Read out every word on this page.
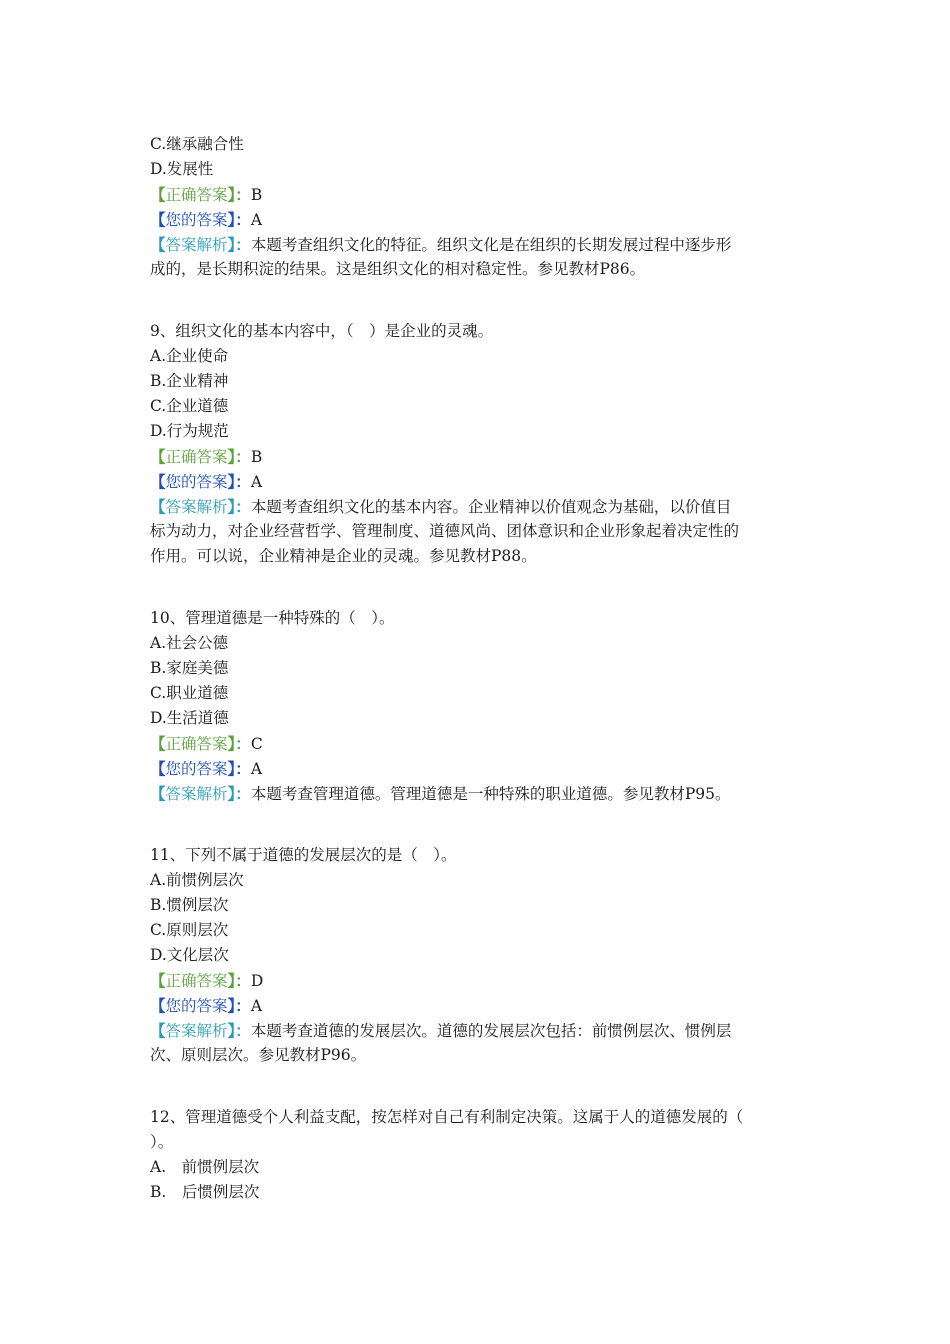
C.继承融合性
D.发展性
【正确答案】：B
【您的答案】：A
【答案解析】：本题考查组织文化的特征。组织文化是在组织的长期发展过程中逐步形
成的，是长期积淀的结果。这是组织文化的相对稳定性。参见教材P86。
9、组织文化的基本内容中，（　）是企业的灵魂。
A.企业使命
B.企业精神
C.企业道德
D.行为规范
【正确答案】：B
【您的答案】：A
【答案解析】：本题考查组织文化的基本内容。企业精神以价值观念为基础，以价值目
标为动力，对企业经营哲学、管理制度、道德风尚、团体意识和企业形象起着决定性的
作用。可以说，企业精神是企业的灵魂。参见教材P88。
10、管理道德是一种特殊的（　）。
A.社会公德
B.家庭美德
C.职业道德
D.生活道德
【正确答案】：C
【您的答案】：A
【答案解析】：本题考查管理道德。管理道德是一种特殊的职业道德。参见教材P95。
11、下列不属于道德的发展层次的是（　）。
A.前惯例层次
B.惯例层次
C.原则层次
D.文化层次
【正确答案】：D
【您的答案】：A
【答案解析】：本题考查道德的发展层次。道德的发展层次包括：前惯例层次、惯例层
次、原则层次。参见教材P96。
12、管理道德受个人利益支配，按怎样对自己有利制定决策。这属于人的道德发展的（
）。
A.　前惯例层次
B.　后惯例层次
